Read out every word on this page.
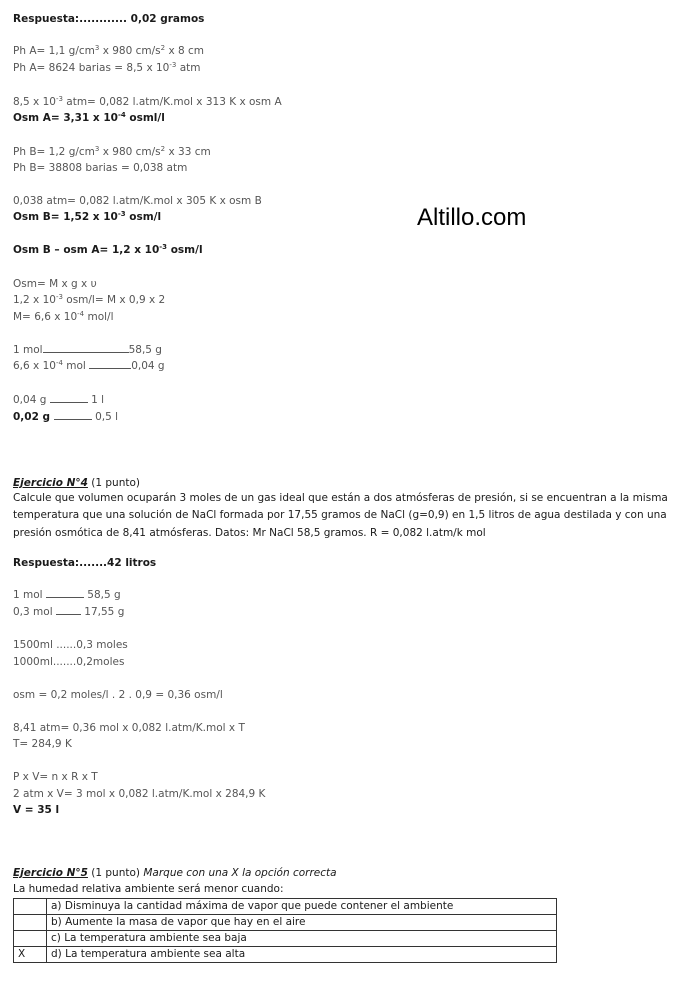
Respuesta:............ 0,02 gramos
Ph A= 1,1 $g/cm^3$ x 980 $cm/s^2$ x 8 cm
Ph A= 8624 barias = 8,5 x $10^{-3}$ atm
8,5 x $10^{-3}$ atm= 0,082 l.atm/K.mol x 313 K x osm A
Osm A= 3,31 x $10^{-4}$ osml/l
Ph B= 1,2 $g/cm^3$ x 980 $cm/s^2$ x 33 cm
Ph B= 38808 barias = 0,038 atm
0,038 atm= 0,082 l.atm/K.mol x 305 K x osm B
Osm B= 1,52 x $10^{-3}$ osm/l	Altillo.com
Osm B – osm A= 1,2 x $10^{-3}$ osm/l
Osm= M x g x υ
1,2 x $10^{-3}$ osm/l= M x 0,9 x 2
M= 6,6 x $10^{-4}$ mol/l
1 mol	58,5 g
6,6 x $10^{-4}$ mol	0,04 g
0,04 g	1 l
0,02 g	0,5 l
Ejercicio N°4 (1 punto)
Calcule que volumen ocuparán 3 moles de un gas ideal que están a dos atmósferas de presión, si se encuentran a la misma
temperatura que una solución de NaCl formada por 17,55 gramos de NaCl (g=0,9) en 1,5 litros de agua destilada y con una
presión osmótica de 8,41 atmósferas. Datos: Mr NaCl 58,5 gramos. R = 0,082 l.atm/k mol
Respuesta:.......42 litros
1 mol	58,5 g
0,3 mol  17,55 g
1500ml ......0,3 moles
1000ml.......0,2moles
osm = 0,2 moles/l . 2 . 0,9 = 0,36 osm/l
8,41 atm= 0,36 mol x 0,082 l.atm/K.mol x T
T= 284,9 K
P x V= n x R x T
2 atm x V= 3 mol x 0,082 l.atm/K.mol x 284,9 K
V = 35 l
Ejercicio N°5 (1 punto) Marque con una X la opción correcta
La humedad relativa ambiente será menor cuando:
	a) Disminuya la cantidad máxima de vapor que puede contener el ambiente
	b) Aumente la masa de vapor que hay en el aire
	c) La temperatura ambiente sea baja
X	d) La temperatura ambiente sea alta
